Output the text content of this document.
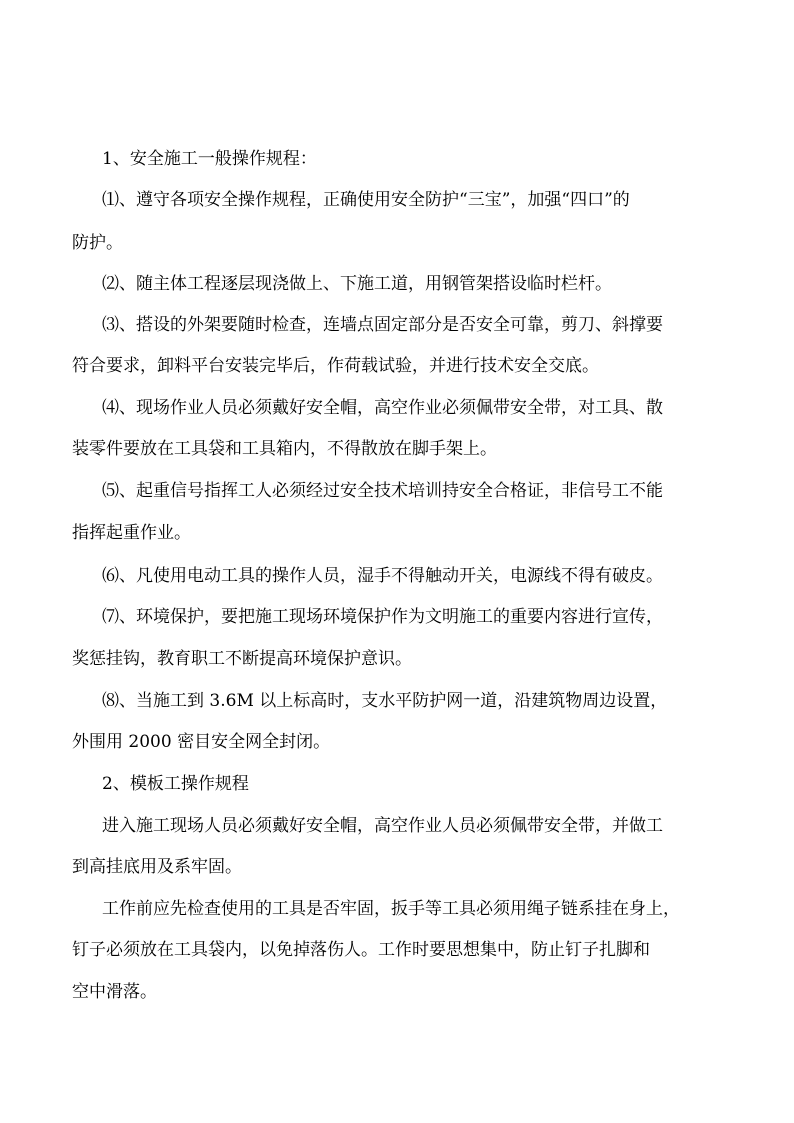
1、安全施工一般操作规程：
⑴、遵守各项安全操作规程，正确使用安全防护“三宝”，加强“四口”的
防护。
⑵、随主体工程逐层现浇做上、下施工道，用钢管架搭设临时栏杆。
⑶、搭设的外架要随时检查，连墙点固定部分是否安全可靠，剪刀、斜撑要
符合要求，卸料平台安装完毕后，作荷载试验，并进行技术安全交底。
⑷、现场作业人员必须戴好安全帽，高空作业必须佩带安全带，对工具、散
装零件要放在工具袋和工具箱内，不得散放在脚手架上。
⑸、起重信号指挥工人必须经过安全技术培训持安全合格证，非信号工不能
指挥起重作业。
⑹、凡使用电动工具的操作人员，湿手不得触动开关，电源线不得有破皮。
⑺、环境保护，要把施工现场环境保护作为文明施工的重要内容进行宣传，
奖惩挂钩，教育职工不断提高环境保护意识。
⑻、当施工到 3.6M 以上标高时，支水平防护网一道，沿建筑物周边设置，
外围用 2000 密目安全网全封闭。
2、模板工操作规程
进入施工现场人员必须戴好安全帽，高空作业人员必须佩带安全带，并做工
到高挂底用及系牢固。
工作前应先检查使用的工具是否牢固，扳手等工具必须用绳子链系挂在身上，
钉子必须放在工具袋内，以免掉落伤人。工作时要思想集中，防止钉子扎脚和
空中滑落。
